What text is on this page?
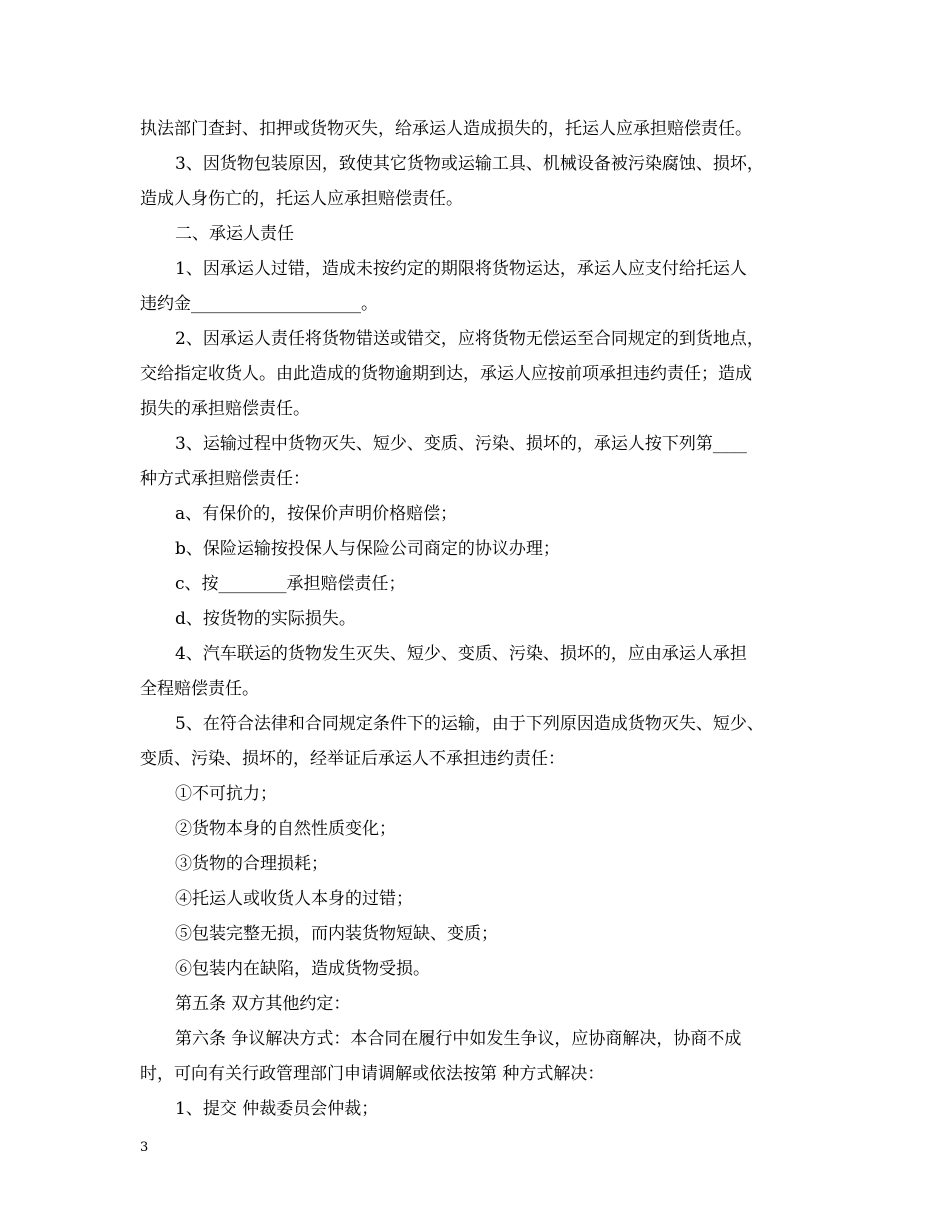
执法部门查封、扣押或货物灭失，给承运人造成损失的，托运人应承担赔偿责任。
3、因货物包装原因，致使其它货物或运输工具、机械设备被污染腐蚀、损坏，
造成人身伤亡的，托运人应承担赔偿责任。
二、承运人责任
1、因承运人过错，造成未按约定的期限将货物运达，承运人应支付给托运人
违约金____________________。
2、因承运人责任将货物错送或错交，应将货物无偿运至合同规定的到货地点，
交给指定收货人。由此造成的货物逾期到达，承运人应按前项承担违约责任；造成
损失的承担赔偿责任。
3、运输过程中货物灭失、短少、变质、污染、损坏的，承运人按下列第____
种方式承担赔偿责任：
a、有保价的，按保价声明价格赔偿；
b、保险运输按投保人与保险公司商定的协议办理；
c、按________承担赔偿责任；
d、按货物的实际损失。
4、汽车联运的货物发生灭失、短少、变质、污染、损坏的，应由承运人承担
全程赔偿责任。
5、在符合法律和合同规定条件下的运输，由于下列原因造成货物灭失、短少、
变质、污染、损坏的，经举证后承运人不承担违约责任：
①不可抗力；
②货物本身的自然性质变化；
③货物的合理损耗；
④托运人或收货人本身的过错；
⑤包装完整无损，而内装货物短缺、变质；
⑥包装内在缺陷，造成货物受损。
第五条 双方其他约定：
第六条 争议解决方式：本合同在履行中如发生争议，应协商解决，协商不成
时，可向有关行政管理部门申请调解或依法按第 种方式解决：
1、提交 仲裁委员会仲裁；
3
